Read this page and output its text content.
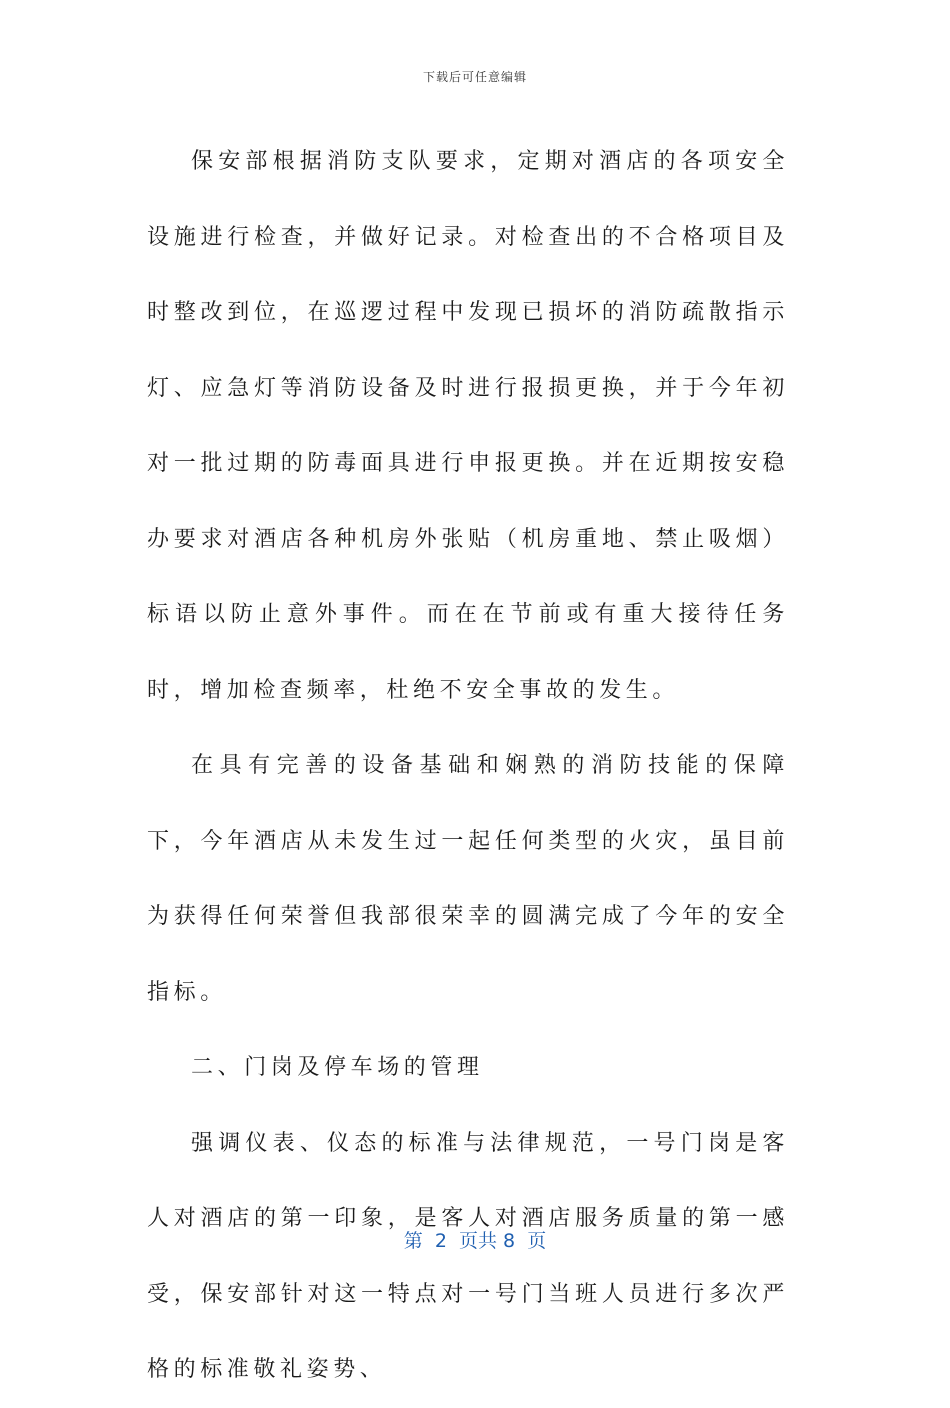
下载后可任意编辑

保安部根据消防支队要求，定期对酒店的各项安全设施进行检查，并做好记录。对检查出的不合格项目及时整改到位，在巡逻过程中发现已损坏的消防疏散指示灯、应急灯等消防设备及时进行报损更换，并于今年初对一批过期的防毒面具进行申报更换。并在近期按安稳办要求对酒店各种机房外张贴（机房重地、禁止吸烟）标语以防止意外事件。而在在节前或有重大接待任务时，增加检查频率，杜绝不安全事故的发生。

在具有完善的设备基础和娴熟的消防技能的保障下，今年酒店从未发生过一起任何类型的火灾，虽目前为获得任何荣誉但我部很荣幸的圆满完成了今年的安全指标。

二、门岗及停车场的管理

强调仪表、仪态的标准与法律规范，一号门岗是客人对酒店的第一印象，是客人对酒店服务质量的第一感受，保安部针对这一特点对一号门当班人员进行多次严格的标准敬礼姿势、

第  2  页共 8  页
